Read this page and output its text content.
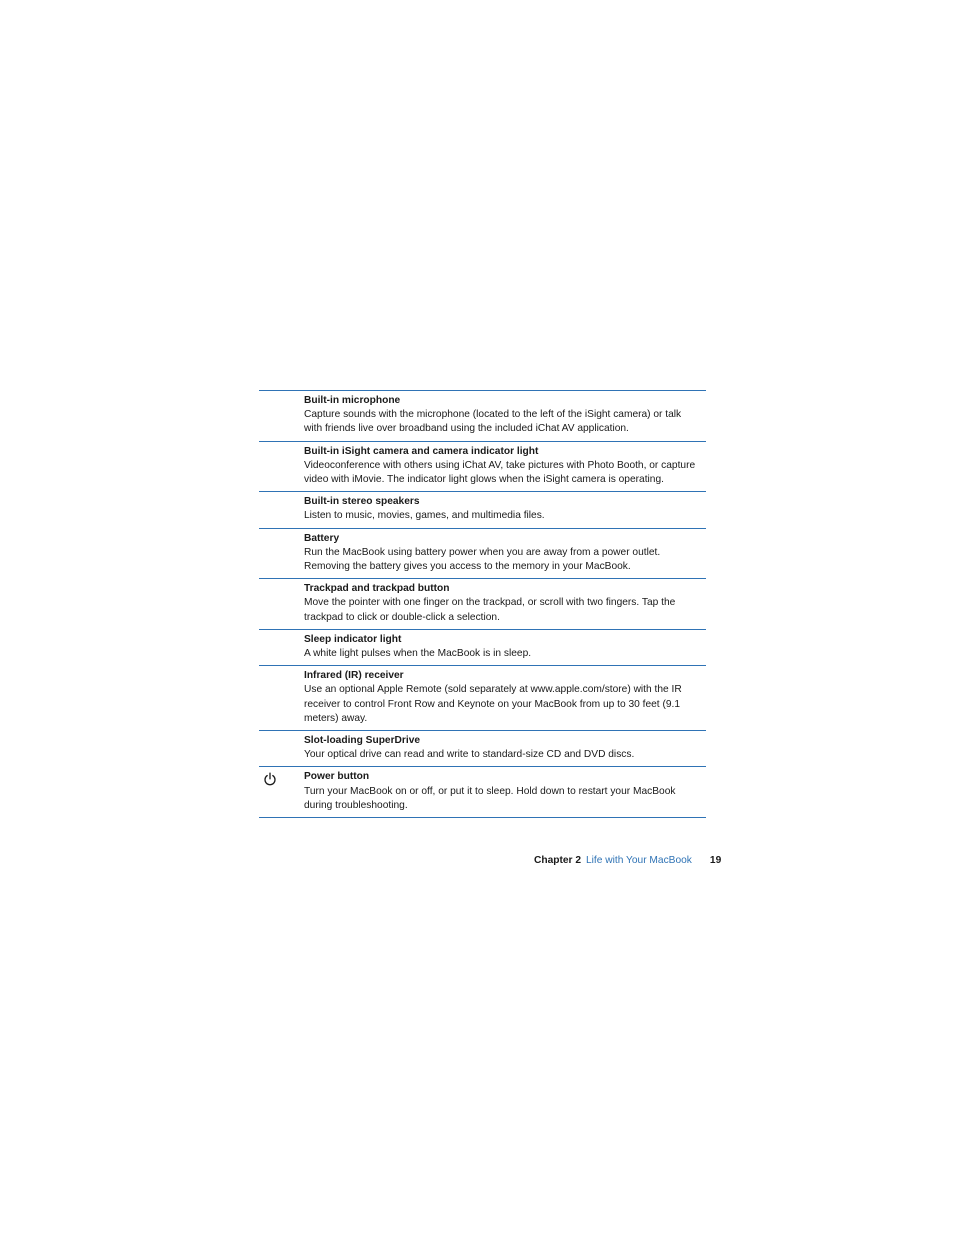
Built-in microphone
Capture sounds with the microphone (located to the left of the iSight camera) or talk with friends live over broadband using the included iChat AV application.
Built-in iSight camera and camera indicator light
Videoconference with others using iChat AV, take pictures with Photo Booth, or capture video with iMovie. The indicator light glows when the iSight camera is operating.
Built-in stereo speakers
Listen to music, movies, games, and multimedia files.
Battery
Run the MacBook using battery power when you are away from a power outlet. Removing the battery gives you access to the memory in your MacBook.
Trackpad and trackpad button
Move the pointer with one finger on the trackpad, or scroll with two fingers. Tap the trackpad to click or double-click a selection.
Sleep indicator light
A white light pulses when the MacBook is in sleep.
Infrared (IR) receiver
Use an optional Apple Remote (sold separately at www.apple.com/store) with the IR receiver to control Front Row and Keynote on your MacBook from up to 30 feet (9.1 meters) away.
Slot-loading SuperDrive
Your optical drive can read and write to standard-size CD and DVD discs.
Power button
Turn your MacBook on or off, or put it to sleep. Hold down to restart your MacBook during troubleshooting.
Chapter 2 Life with Your MacBook 19
